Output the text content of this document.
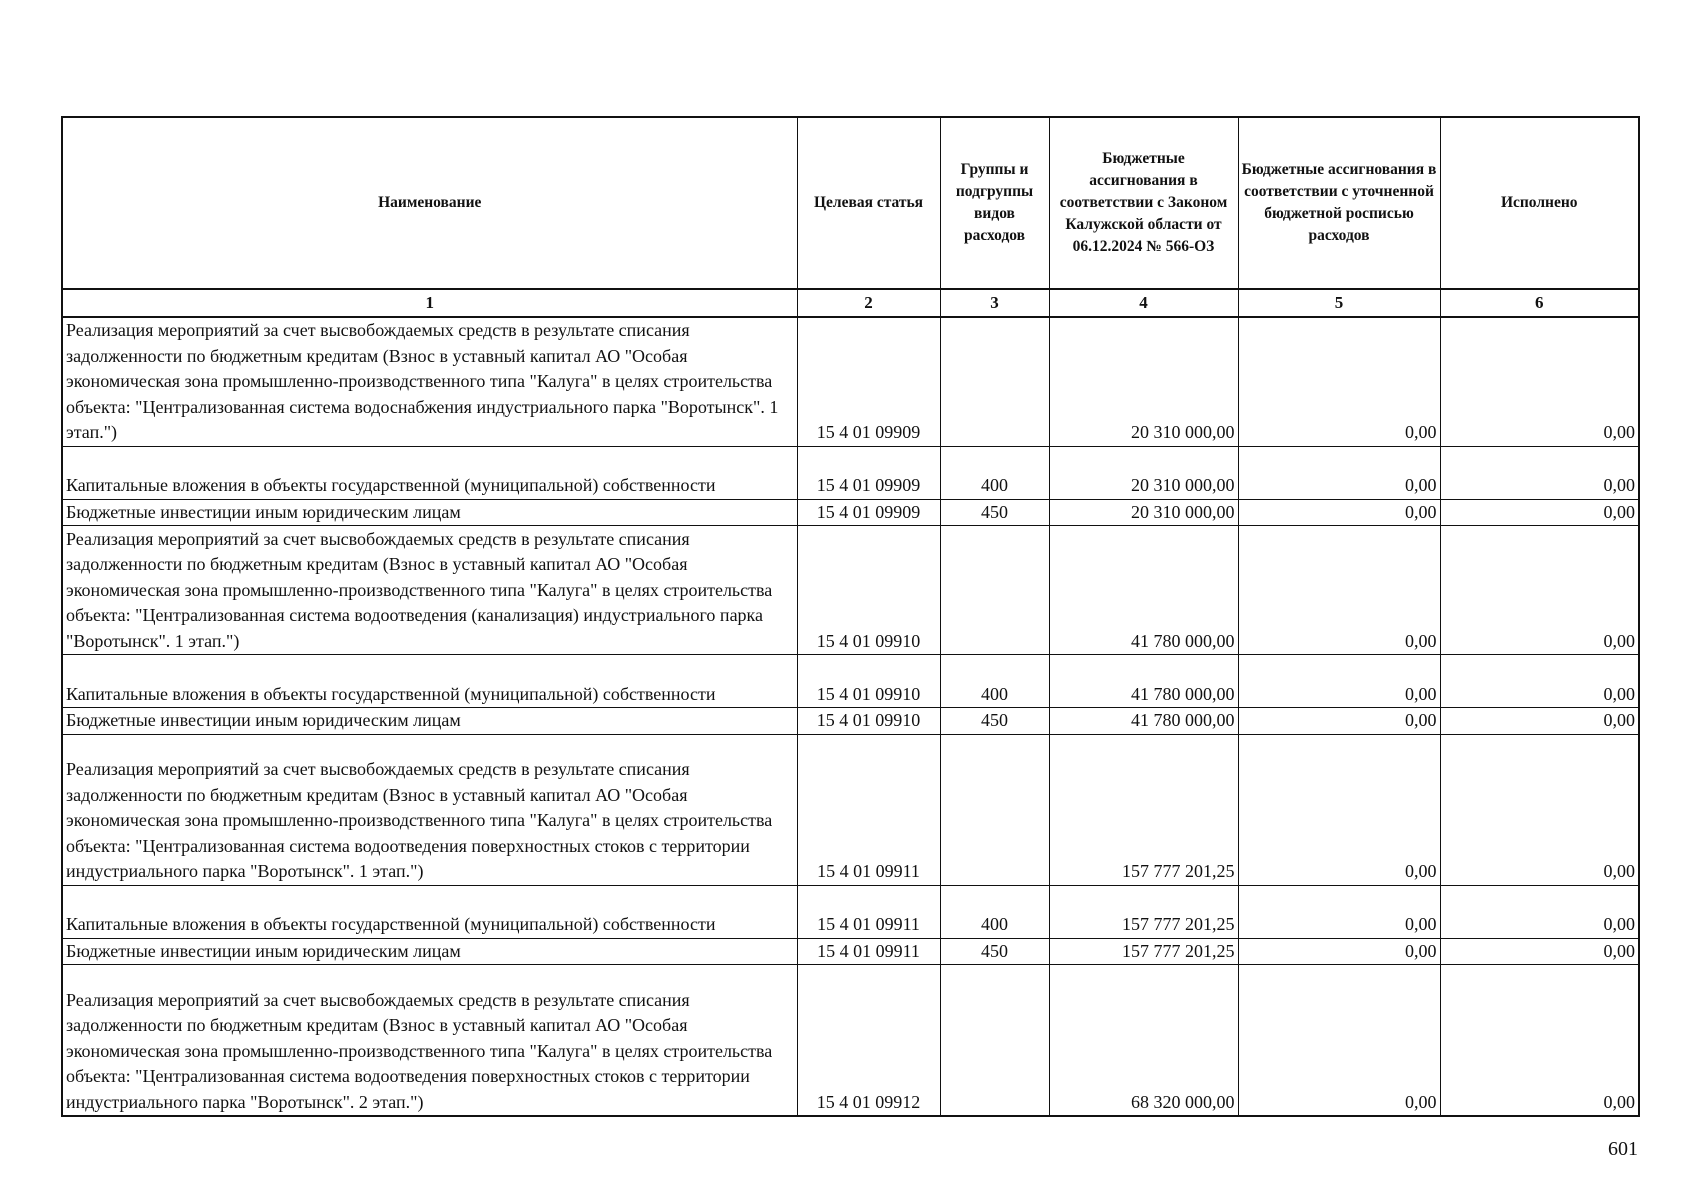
Наименование	Целевая статья	Группы и подгруппы видов расходов	Бюджетные ассигнования в соответствии с Законом Калужской области от 06.12.2024 № 566-ОЗ	Бюджетные ассигнования в соответствии с уточненной бюджетной росписью расходов	Исполнено
1	2	3	4	5	6
Реализация мероприятий за счет высвобождаемых средств в результате списания задолженности по бюджетным кредитам (Взнос в уставный капитал АО "Особая экономическая зона промышленно-производственного типа "Калуга" в целях строительства объекта: "Централизованная система водоснабжения индустриального парка "Воротынск". 1 этап.")	15 4 01 09909		20 310 000,00	0,00	0,00
Капитальные вложения в объекты государственной (муниципальной) собственности	15 4 01 09909	400	20 310 000,00	0,00	0,00
Бюджетные инвестиции иным юридическим лицам	15 4 01 09909	450	20 310 000,00	0,00	0,00
Реализация мероприятий за счет высвобождаемых средств в результате списания задолженности по бюджетным кредитам (Взнос в уставный капитал АО "Особая экономическая зона промышленно-производственного типа "Калуга" в целях строительства объекта: "Централизованная система водоотведения (канализация) индустриального парка "Воротынск". 1 этап.")	15 4 01 09910		41 780 000,00	0,00	0,00
Капитальные вложения в объекты государственной (муниципальной) собственности	15 4 01 09910	400	41 780 000,00	0,00	0,00
Бюджетные инвестиции иным юридическим лицам	15 4 01 09910	450	41 780 000,00	0,00	0,00
Реализация мероприятий за счет высвобождаемых средств в результате списания задолженности по бюджетным кредитам (Взнос в уставный капитал АО "Особая экономическая зона промышленно-производственного типа "Калуга" в целях строительства объекта: "Централизованная система водоотведения поверхностных стоков с территории индустриального парка "Воротынск". 1 этап.")	15 4 01 09911		157 777 201,25	0,00	0,00
Капитальные вложения в объекты государственной (муниципальной) собственности	15 4 01 09911	400	157 777 201,25	0,00	0,00
Бюджетные инвестиции иным юридическим лицам	15 4 01 09911	450	157 777 201,25	0,00	0,00
Реализация мероприятий за счет высвобождаемых средств в результате списания задолженности по бюджетным кредитам (Взнос в уставный капитал АО "Особая экономическая зона промышленно-производственного типа "Калуга" в целях строительства объекта: "Централизованная система водоотведения поверхностных стоков с территории индустриального парка "Воротынск". 2 этап.")	15 4 01 09912		68 320 000,00	0,00	0,00
601
